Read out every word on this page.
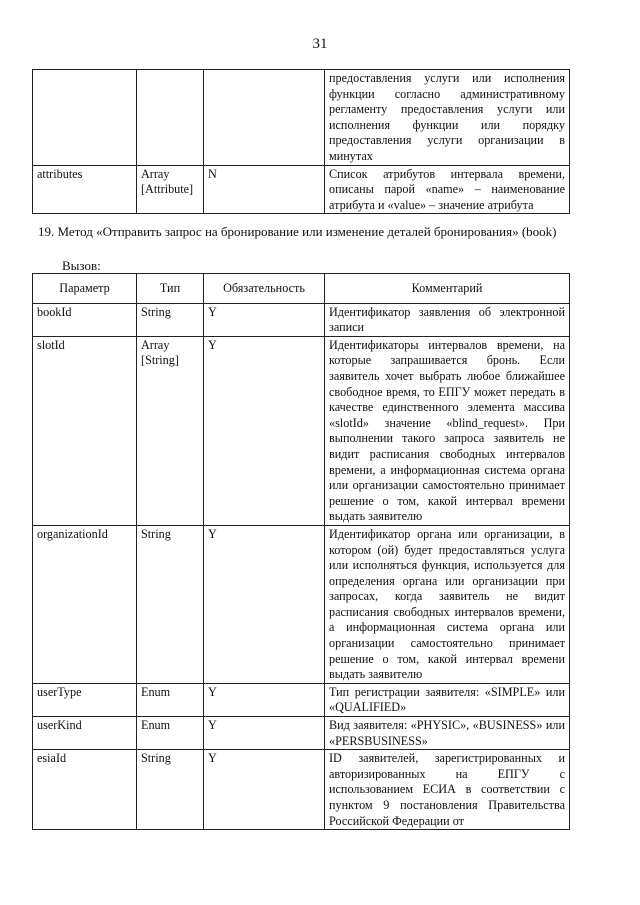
31
			предоставления услуги или исполнения функции согласно административному регламенту предоставления услуги или исполнения функции или порядку предоставления услуги организации в минутах
attributes	Array [Attribute]	N	Список атрибутов интервала времени, описаны парой «name» – наименование атрибута и «value» – значение атрибута
19. Метод «Отправить запрос на бронирование или изменение деталей бронирования» (book)
Вызов:
Параметр	Тип	Обязательность	Комментарий
bookId	String	Y	Идентификатор заявления об электронной записи
slotId	Array [String]	Y	Идентификаторы интервалов времени, на которые запрашивается бронь. Если заявитель хочет выбрать любое ближайшее свободное время, то ЕПГУ может передать в качестве единственного элемента массива «slotId» значение «blind_request». При выполнении такого запроса заявитель не видит расписания свободных интервалов времени, а информационная система органа или организации самостоятельно принимает решение о том, какой интервал времени выдать заявителю
organizationId	String	Y	Идентификатор органа или организации, в котором (ой) будет предоставляться услуга или исполняться функция, используется для определения органа или организации при запросах, когда заявитель не видит расписания свободных интервалов времени, а информационная система органа или организации самостоятельно принимает решение о том, какой интервал времени выдать заявителю
userType	Enum	Y	Тип регистрации заявителя: «SIMPLE» или «QUALIFIED»
userKind	Enum	Y	Вид заявителя: «PHYSIC», «BUSINESS» или «PERSBUSINESS»
esiaId	String	Y	ID заявителей, зарегистрированных и авторизированных на ЕПГУ с использованием ЕСИА в соответствии с пунктом 9 постановления Правительства Российской Федерации от
